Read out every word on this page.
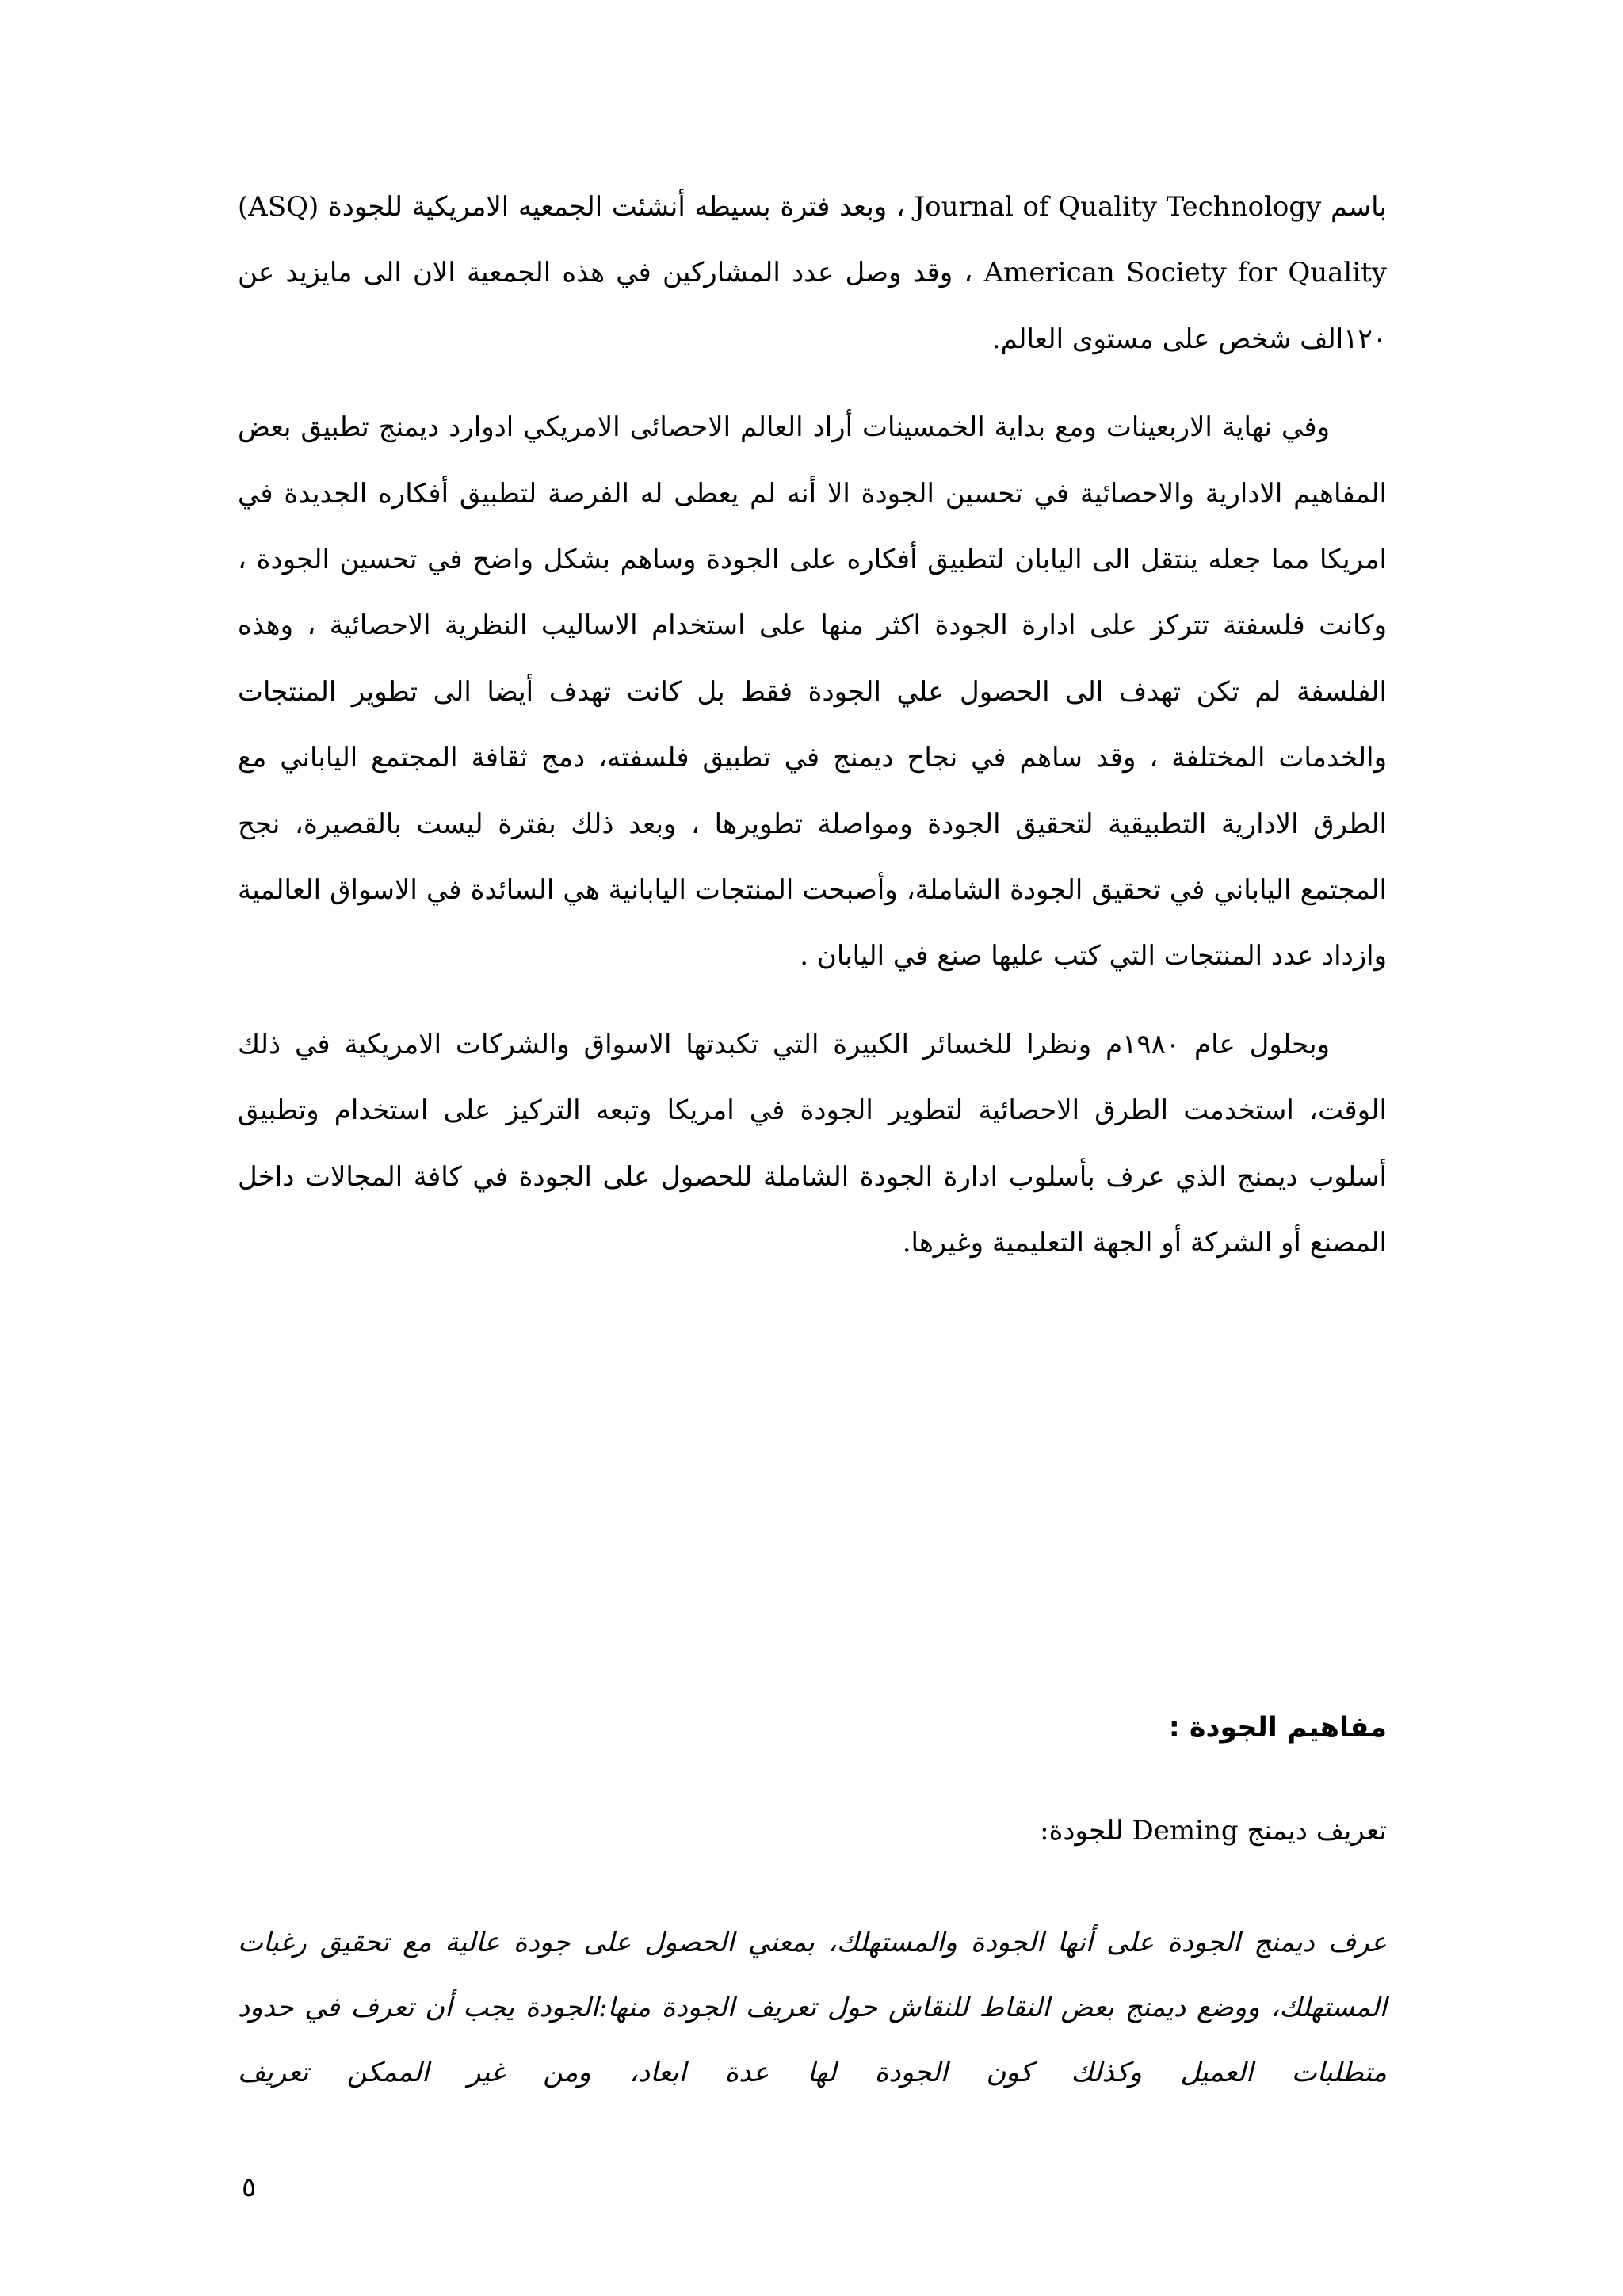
باسم Journal of Quality Technology ، وبعد فترة بسيطه أنشئت الجمعيه الامريكية للجودة (ASQ) American Society for Quality ، وقد وصل عدد المشاركين في هذه الجمعية الان الى مايزيد عن ١٢٠الف شخص على مستوى العالم.

وفي نهاية الاربعينات ومع بداية الخمسينات أراد العالم الاحصائى الامريكي ادوارد ديمنج تطبيق بعض المفاهيم الادارية والاحصائية في تحسين الجودة الا أنه لم يعطى له الفرصة لتطبيق أفكاره الجديدة في امريكا مما جعله ينتقل الى اليابان لتطبيق أفكاره على الجودة وساهم بشكل واضح في تحسين الجودة ، وكانت فلسفتة تتركز على ادارة الجودة اكثر منها على استخدام الاساليب النظرية الاحصائية ، وهذه الفلسفة لم تكن تهدف الى الحصول علي الجودة فقط بل كانت تهدف أيضا الى تطوير المنتجات والخدمات المختلفة ، وقد ساهم في نجاح ديمنج في تطبيق فلسفته، دمج ثقافة المجتمع الياباني مع الطرق الادارية التطبيقية لتحقيق الجودة ومواصلة تطويرها ، وبعد ذلك بفترة ليست بالقصيرة، نجح المجتمع الياباني في تحقيق الجودة الشاملة، وأصبحت المنتجات اليابانية هي السائدة في الاسواق العالمية وازداد عدد المنتجات التي كتب عليها صنع في اليابان .

وبحلول عام ١٩٨٠م ونظرا للخسائر الكبيرة التي تكبدتها الاسواق والشركات الامريكية في ذلك الوقت، استخدمت الطرق الاحصائية لتطوير الجودة في امريكا وتبعه التركيز على استخدام وتطبيق أسلوب ديمنج الذي عرف بأسلوب ادارة الجودة الشاملة للحصول على الجودة في كافة المجالات داخل المصنع أو الشركة أو الجهة التعليمية وغيرها.

مفاهيم الجودة :

تعريف ديمنج Deming للجودة:

عرف ديمنج الجودة على أنها الجودة والمستهلك، بمعني الحصول على جودة عالية مع تحقيق رغبات المستهلك، ووضع ديمنج بعض النقاط للنقاش حول تعريف الجودة منها:الجودة يجب أن تعرف في حدود متطلبات العميل وكذلك كون الجودة لها عدة ابعاد، ومن غير الممكن تعريف

٥
